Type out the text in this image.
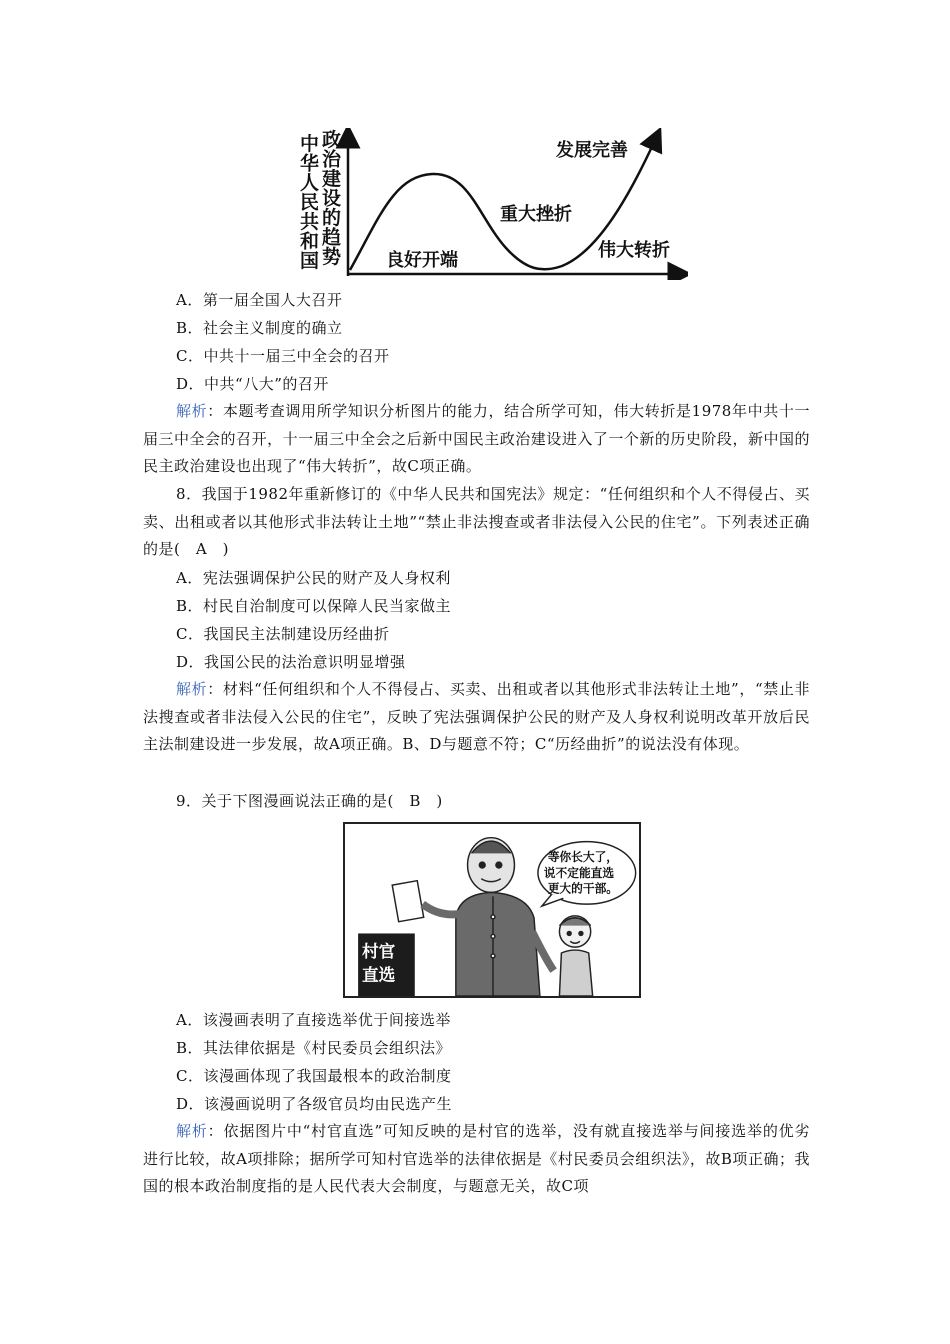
中华人民共和国
政治建设的趋势 良好开端
重大挫折
伟大转折
发展完善
A．第一届全国人大召开
B．社会主义制度的确立
C．中共十一届三中全会的召开
D．中共“八大”的召开
解析：本题考查调用所学知识分析图片的能力，结合所学可知，伟大转折是1978年中共十一届三中全会的召开，十一届三中全会之后新中国民主政治建设进入了一个新的历史阶段，新中国的民主政治建设也出现了“伟大转折”，故C项正确。
8．我国于1982年重新修订的《中华人民共和国宪法》规定：“任何组织和个人不得侵占、买卖、出租或者以其他形式非法转让土地”“禁止非法搜查或者非法侵入公民的住宅”。下列表述正确的是(　A　)
A．宪法强调保护公民的财产及人身权利
B．村民自治制度可以保障人民当家做主
C．我国民主法制建设历经曲折
D．我国公民的法治意识明显增强
解析：材料“任何组织和个人不得侵占、买卖、出租或者以其他形式非法转让土地”，“禁止非法搜查或者非法侵入公民的住宅”，反映了宪法强调保护公民的财产及人身权利说明改革开放后民主法制建设进一步发展，故A项正确。B、D与题意不符；C“历经曲折”的说法没有体现。
9．关于下图漫画说法正确的是(　B　)
村官
直选
等你长大了，
说不定能直选
更大的干部。
A．该漫画表明了直接选举优于间接选举
B．其法律依据是《村民委员会组织法》
C．该漫画体现了我国最根本的政治制度
D．该漫画说明了各级官员均由民选产生
解析：依据图片中“村官直选”可知反映的是村官的选举，没有就直接选举与间接选举的优劣进行比较，故A项排除；据所学可知村官选举的法律依据是《村民委员会组织法》，故B项正确；我国的根本政治制度指的是人民代表大会制度，与题意无关，故C项
